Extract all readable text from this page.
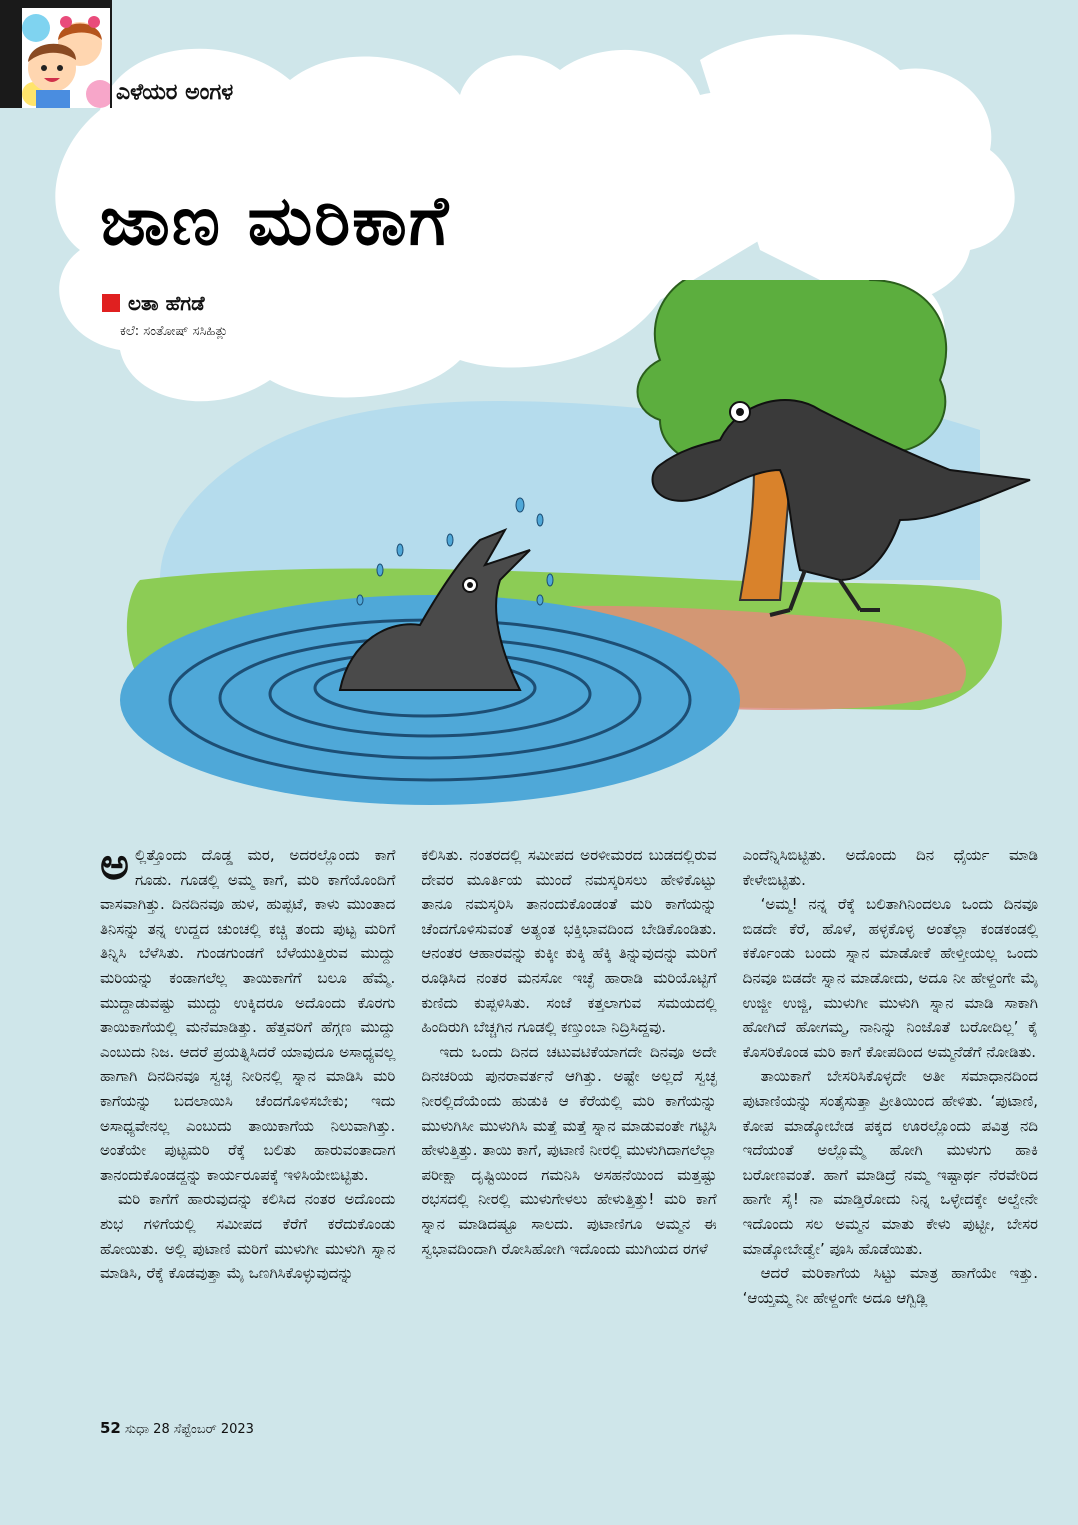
ಎಳೆಯರ ಅಂಗಳ
ಜಾಣ ಮರಿಕಾಗೆ
ಲತಾ ಹೆಗಡೆ
ಕಲೆ: ಸಂತೋಷ್ ಸಸಿಹಿತ್ಲು

ಅಲ್ಲಿತ್ತೊಂದು ದೊಡ್ಡ ಮರ, ಅದರಲ್ಲೊಂದು ಕಾಗೆ ಗೂಡು. ಗೂಡಲ್ಲಿ ಅಮ್ಮ ಕಾಗೆ, ಮರಿ ಕಾಗೆಯೊಂದಿಗೆ ವಾಸವಾಗಿತ್ತು. ದಿನದಿನವೂ ಹುಳ, ಹುಪ್ಪಟೆ, ಕಾಳು ಮುಂತಾದ ತಿನಿಸನ್ನು ತನ್ನ ಉದ್ದದ ಚುಂಚಲ್ಲಿ ಕಚ್ಚಿ ತಂದು ಪುಟ್ಟ ಮರಿಗೆ ತಿನ್ನಿಸಿ ಬೆಳೆಸಿತು. ಗುಂಡಗುಂಡಗೆ ಬೆಳೆಯುತ್ತಿರುವ ಮುದ್ದು ಮರಿಯನ್ನು ಕಂಡಾಗಲೆಲ್ಲ ತಾಯಿಕಾಗೆಗೆ ಬಲೂ ಹೆಮ್ಮೆ. ಮುದ್ದಾಡುವಷ್ಟು ಮುದ್ದು ಉಕ್ಕಿದರೂ ಅದೊಂದು ಕೊರಗು ತಾಯಿಕಾಗೆಯಲ್ಲಿ ಮನೆಮಾಡಿತ್ತು. ಹೆತ್ತವರಿಗೆ ಹೆಗ್ಗಣ ಮುದ್ದು ಎಂಬುದು ನಿಜ. ಆದರೆ ಪ್ರಯತ್ನಿಸಿದರೆ ಯಾವುದೂ ಅಸಾಧ್ಯವಲ್ಲ ಹಾಗಾಗಿ ದಿನದಿನವೂ ಸ್ವಚ್ಛ ನೀರಿನಲ್ಲಿ ಸ್ನಾನ ಮಾಡಿಸಿ ಮರಿ ಕಾಗೆಯನ್ನು ಬದಲಾಯಿಸಿ ಚೆಂದಗೊಳಿಸಬೇಕು; ಇದು ಅಸಾಧ್ಯವೇನಲ್ಲ ಎಂಬುದು ತಾಯಿಕಾಗೆಯ ನಿಲುವಾಗಿತ್ತು. ಅಂತೆಯೇ ಪುಟ್ಟಮರಿ ರೆಕ್ಕೆ ಬಲಿತು ಹಾರುವಂತಾದಾಗ ತಾನಂದುಕೊಂಡದ್ದನ್ನು ಕಾರ್ಯರೂಪಕ್ಕೆ ಇಳಿಸಿಯೇಬಿಟ್ಟಿತು.

ಮರಿ ಕಾಗೆಗೆ ಹಾರುವುದನ್ನು ಕಲಿಸಿದ ನಂತರ ಅದೊಂದು ಶುಭ ಗಳಿಗೆಯಲ್ಲಿ ಸಮೀಪದ ಕೆರೆಗೆ ಕರೆದುಕೊಂಡು ಹೋಯಿತು. ಅಲ್ಲಿ ಪುಟಾಣಿ ಮರಿಗೆ ಮುಳುಗೀ ಮುಳುಗಿ ಸ್ನಾನ ಮಾಡಿಸಿ, ರೆಕ್ಕೆ ಕೊಡವುತ್ತಾ ಮೈ ಒಣಗಿಸಿಕೊಳ್ಳುವುದನ್ನು

ಕಲಿಸಿತು. ನಂತರದಲ್ಲಿ ಸಮೀಪದ ಅರಳೀಮರದ ಬುಡದಲ್ಲಿರುವ ದೇವರ ಮೂರ್ತಿಯ ಮುಂದೆ ನಮಸ್ಕರಿಸಲು ಹೇಳಿಕೊಟ್ಟು ತಾನೂ ನಮಸ್ಕರಿಸಿ ತಾನಂದುಕೊಂಡಂತೆ ಮರಿ ಕಾಗೆಯನ್ನು ಚೆಂದಗೊಳಿಸುವಂತೆ ಅತ್ಯಂತ ಭಕ್ತಿಭಾವದಿಂದ ಬೇಡಿಕೊಂಡಿತು. ಆನಂತರ ಆಹಾರವನ್ನು ಕುಕ್ಕೀ ಕುಕ್ಕಿ ಹೆಕ್ಕಿ ತಿನ್ನುವುದನ್ನು ಮರಿಗೆ ರೂಢಿಸಿದ ನಂತರ ಮನಸೋ ಇಚ್ಛೆ ಹಾರಾಡಿ ಮರಿಯೊಟ್ಟಿಗೆ ಕುಣಿದು ಕುಪ್ಪಳಿಸಿತು. ಸಂಜೆ ಕತ್ತಲಾಗುವ ಸಮಯದಲ್ಲಿ ಹಿಂದಿರುಗಿ ಬೆಚ್ಚಗಿನ ಗೂಡಲ್ಲಿ ಕಣ್ತುಂಬಾ ನಿದ್ರಿಸಿದ್ದವು.

ಇದು ಒಂದು ದಿನದ ಚಟುವಟಿಕೆಯಾಗದೇ ದಿನವೂ ಅದೇ ದಿನಚರಿಯ ಪುನರಾವರ್ತನೆ ಆಗಿತ್ತು. ಅಷ್ಟೇ ಅಲ್ಲದೆ ಸ್ವಚ್ಛ ನೀರಲ್ಲಿದೆಯೆಂದು ಹುಡುಕಿ ಆ ಕೆರೆಯಲ್ಲಿ ಮರಿ ಕಾಗೆಯನ್ನು ಮುಳುಗಿಸೀ ಮುಳುಗಿಸಿ ಮತ್ತೆ ಮತ್ತೆ ಸ್ನಾನ ಮಾಡುವಂತೇ ಗಟ್ಟಿಸಿ ಹೇಳುತ್ತಿತ್ತು. ತಾಯಿ ಕಾಗೆ, ಪುಟಾಣಿ ನೀರಲ್ಲಿ ಮುಳುಗಿದಾಗಲೆಲ್ಲಾ ಪರೀಕ್ಷಾ ದೃಷ್ಟಿಯಿಂದ ಗಮನಿಸಿ ಅಸಹನೆಯಿಂದ ಮತ್ತಷ್ಟು ರಭಸದಲ್ಲಿ ನೀರಲ್ಲಿ ಮುಳುಗೇಳಲು ಹೇಳುತ್ತಿತ್ತು! ಮರಿ ಕಾಗೆ ಸ್ನಾನ ಮಾಡಿದಷ್ಟೂ ಸಾಲದು. ಪುಟಾಣಿಗೂ ಅಮ್ಮನ ಈ ಸ್ವಭಾವದಿಂದಾಗಿ ರೋಸಿಹೋಗಿ ಇದೊಂದು ಮುಗಿಯದ ರಗಳೆ

ಎಂದೆನ್ನಿಸಿಬಿಟ್ಟಿತು. ಅದೊಂದು ದಿನ ಧೈರ್ಯ ಮಾಡಿ ಕೇಳೇಬಿಟ್ಟಿತು.

‘ಅಮ್ಮ! ನನ್ನ ರೆಕ್ಕೆ ಬಲಿತಾಗಿನಿಂದಲೂ ಒಂದು ದಿನವೂ ಬಿಡದೇ ಕೆರೆ, ಹೊಳೆ, ಹಳ್ಳಕೊಳ್ಳ ಅಂತೆಲ್ಲಾ ಕಂಡಕಂಡಲ್ಲಿ ಕರ್ಕೊಂಡು ಬಂದು ಸ್ನಾನ ಮಾಡೋಕೆ ಹೇಳ್ತೀಯಲ್ಲ ಒಂದು ದಿನವೂ ಬಿಡದೇ ಸ್ನಾನ ಮಾಡೋದು, ಅದೂ ನೀ ಹೇಳ್ದಂಗೇ ಮೈ ಉಜ್ಜೀ ಉಜ್ಜಿ, ಮುಳುಗೀ ಮುಳುಗಿ ಸ್ನಾನ ಮಾಡಿ ಸಾಕಾಗಿ ಹೋಗಿದೆ ಹೋಗಮ್ಮ, ನಾನಿನ್ನು ನಿಂಜೊತೆ ಬರೋದಿಲ್ಲ’ ಕೈ ಕೊಸರಿಕೊಂಡ ಮರಿ ಕಾಗೆ ಕೋಪದಿಂದ ಅಮ್ಮನೆಡೆಗೆ ನೋಡಿತು.

ತಾಯಿಕಾಗೆ ಬೇಸರಿಸಿಕೊಳ್ಳದೇ ಅತೀ ಸಮಾಧಾನದಿಂದ ಪುಟಾಣಿಯನ್ನು ಸಂತೈಸುತ್ತಾ ಪ್ರೀತಿಯಿಂದ ಹೇಳಿತು. ‘ಪುಟಾಣಿ, ಕೋಪ ಮಾಡ್ಕೋಬೇಡ ಪಕ್ಕದ ಊರಲ್ಲೊಂದು ಪವಿತ್ರ ನದಿ ಇದೆಯಂತೆ ಅಲ್ಲೊಮ್ಮೆ ಹೋಗಿ ಮುಳುಗು ಹಾಕಿ ಬರೋಣವಂತೆ. ಹಾಗೆ ಮಾಡಿದ್ರೆ ನಮ್ಮ ಇಷ್ಟಾರ್ಥ ನೆರವೇರಿದ ಹಾಗೇ ಸೈ! ನಾ ಮಾಡ್ತಿರೋದು ನಿನ್ನ ಒಳ್ಳೇದಕ್ಕೇ ಅಲ್ವೇನೇ ಇದೊಂದು ಸಲ ಅಮ್ಮನ ಮಾತು ಕೇಳು ಪುಟ್ಟೀ, ಬೇಸರ ಮಾಡ್ಕೋಬೇಡ್ವೇ’ ಪೂಸಿ ಹೊಡೆಯಿತು.

ಆದರೆ ಮರಿಕಾಗೆಯ ಸಿಟ್ಟು ಮಾತ್ರ ಹಾಗೆಯೇ ಇತ್ತು. ‘ಆಯ್ತಮ್ಮ ನೀ ಹೇಳ್ದಂಗೇ ಅದೂ ಆಗ್ಬಿಡ್ಲಿ

52 ಸುಧಾ 28 ಸೆಪ್ಟೆಂಬರ್ 2023
